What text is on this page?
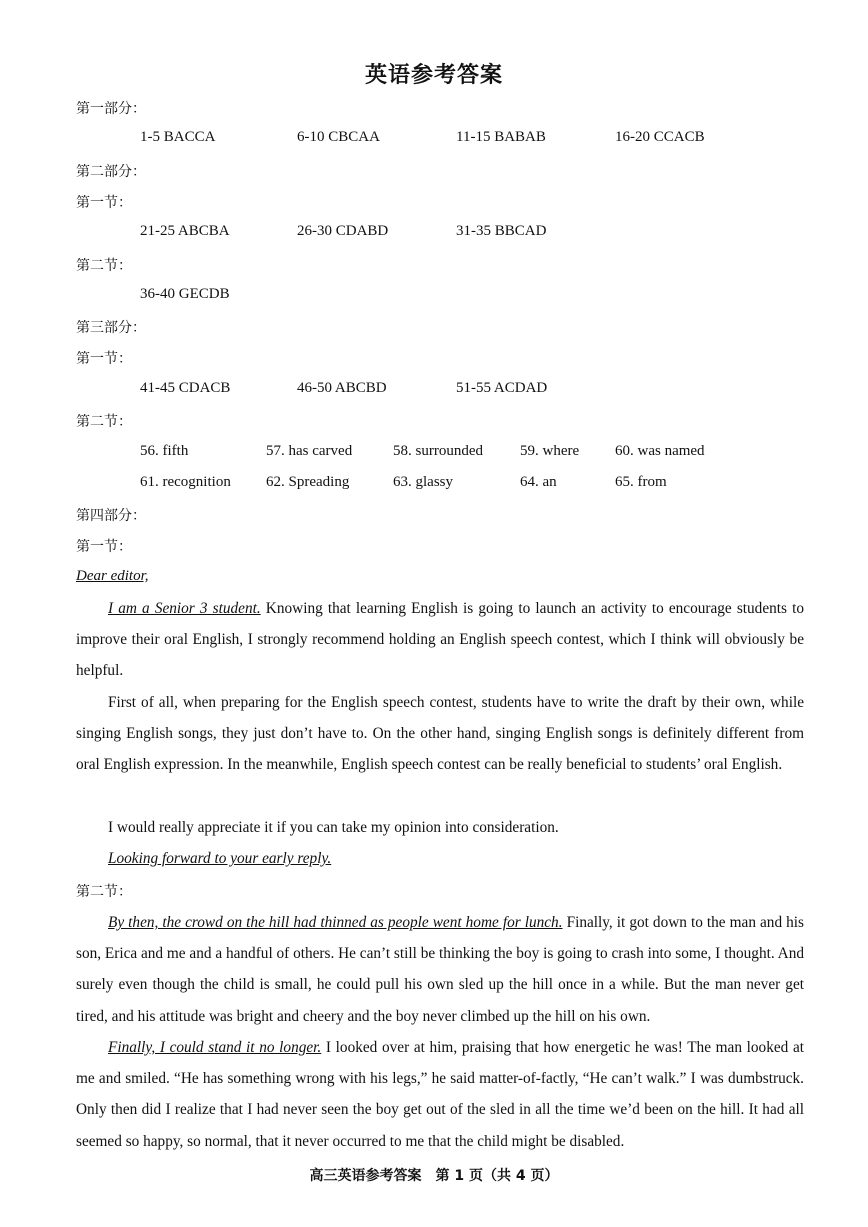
英语参考答案
第一部分：
1-5 BACCA	6-10 CBCAA	11-15 BABAB	16-20 CCACB
第二部分：
第一节：
21-25 ABCBA	26-30 CDABD	31-35 BBCAD
第二节：
36-40 GECDB
第三部分：
第一节：
41-45 CDACB	46-50 ABCBD	51-55 ACDAD
第二节：
56. fifth	57. has carved	58. surrounded 59. where 60. was named
61. recognition 62. Spreading	63. glassy	64. an	65. from
第四部分：
第一节：
Dear editor,
I am a Senior 3 student. Knowing that learning English is going to launch an activity to encourage students to improve their oral English, I strongly recommend holding an English speech contest, which I think will obviously be helpful.
First of all, when preparing for the English speech contest, students have to write the draft by their own, while singing English songs, they just don’t have to. On the other hand, singing English songs is definitely different from oral English expression. In the meanwhile, English speech contest can be really beneficial to students’ oral English.
I would really appreciate it if you can take my opinion into consideration.
Looking forward to your early reply.
第二节：
By then, the crowd on the hill had thinned as people went home for lunch. Finally, it got down to the man and his son, Erica and me and a handful of others. He can’t still be thinking the boy is going to crash into some, I thought. And surely even though the child is small, he could pull his own sled up the hill once in a while. But the man never get tired, and his attitude was bright and cheery and the boy never climbed up the hill on his own.
Finally, I could stand it no longer. I looked over at him, praising that how energetic he was! The man looked at me and smiled. “He has something wrong with his legs,” he said matter-of-factly, “He can’t walk.” I was dumbstruck. Only then did I realize that I had never seen the boy get out of the sled in all the time we’d been on the hill. It had all seemed so happy, so normal, that it never occurred to me that the child might be disabled.
高三英语参考答案　第 1 页（共 4 页）
